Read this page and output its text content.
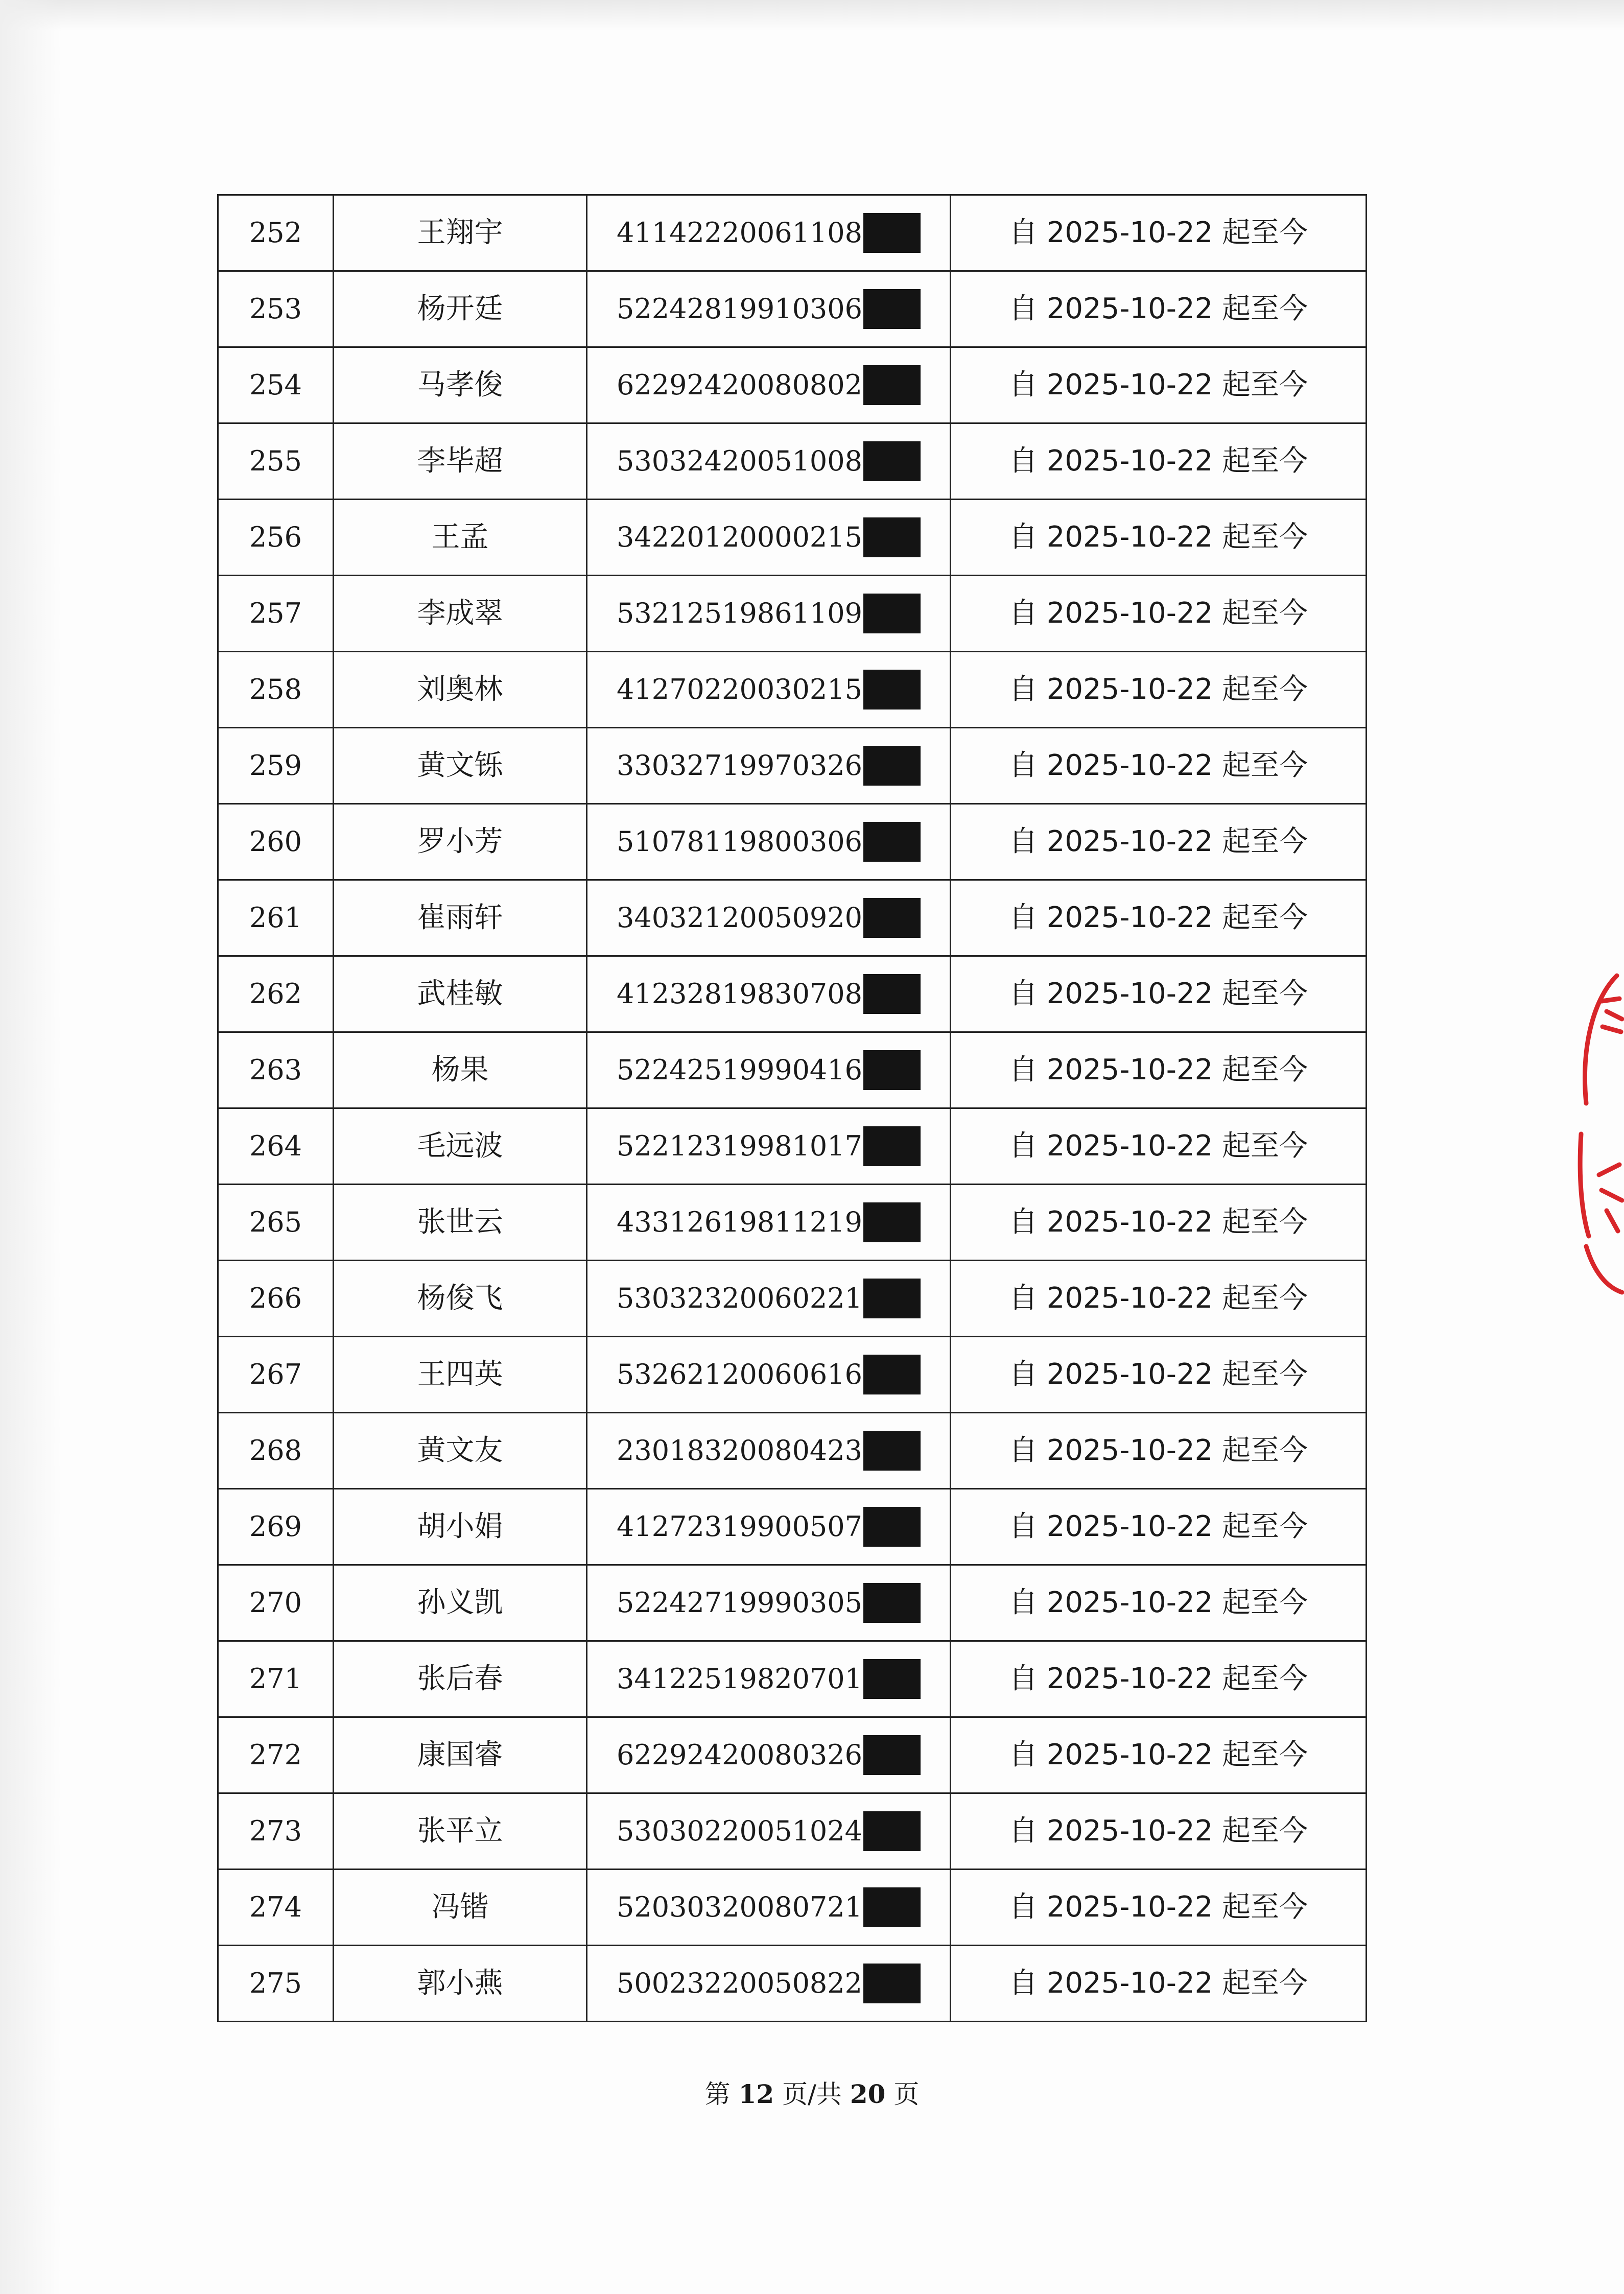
252	王翔宇	41142220061108	自 2025-10-22 起至今
253	杨开廷	52242819910306	自 2025-10-22 起至今
254	马孝俊	62292420080802	自 2025-10-22 起至今
255	李毕超	53032420051008	自 2025-10-22 起至今
256	王孟	34220120000215	自 2025-10-22 起至今
257	李成翠	53212519861109	自 2025-10-22 起至今
258	刘奥林	41270220030215	自 2025-10-22 起至今
259	黄文铄	33032719970326	自 2025-10-22 起至今
260	罗小芳	51078119800306	自 2025-10-22 起至今
261	崔雨轩	34032120050920	自 2025-10-22 起至今
262	武桂敏	41232819830708	自 2025-10-22 起至今
263	杨果	52242519990416	自 2025-10-22 起至今
264	毛远波	52212319981017	自 2025-10-22 起至今
265	张世云	43312619811219	自 2025-10-22 起至今
266	杨俊飞	53032320060221	自 2025-10-22 起至今
267	王四英	53262120060616	自 2025-10-22 起至今
268	黄文友	23018320080423	自 2025-10-22 起至今
269	胡小娟	41272319900507	自 2025-10-22 起至今
270	孙义凯	52242719990305	自 2025-10-22 起至今
271	张后春	34122519820701	自 2025-10-22 起至今
272	康国睿	62292420080326	自 2025-10-22 起至今
273	张平立	53030220051024	自 2025-10-22 起至今
274	冯锴	52030320080721	自 2025-10-22 起至今
275	郭小燕	50023220050822	自 2025-10-22 起至今
第 12 页/共 20 页
